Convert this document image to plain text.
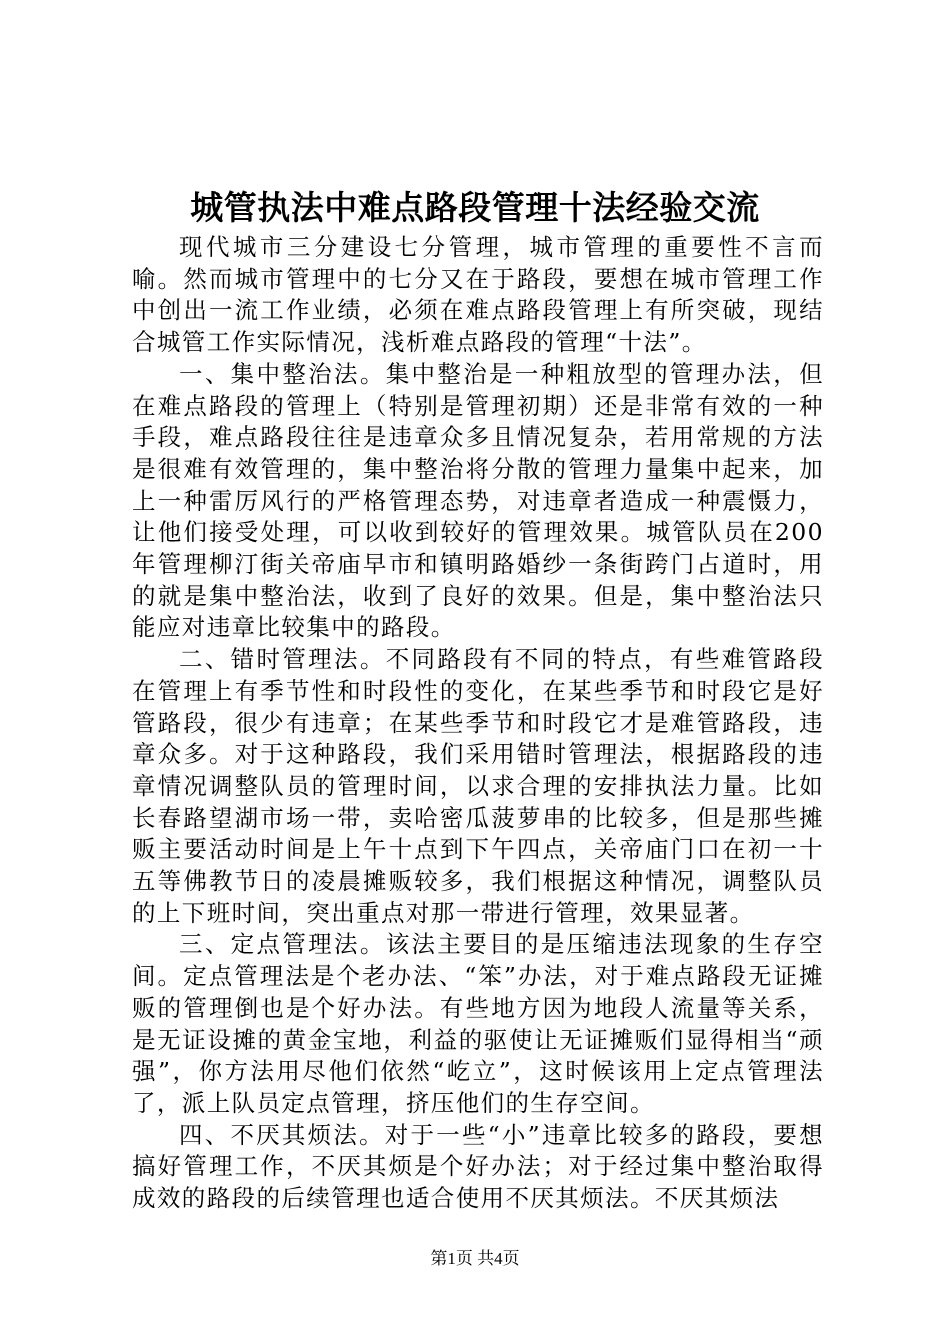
城管执法中难点路段管理十法经验交流

现代城市三分建设七分管理，城市管理的重要性不言而喻。然而城市管理中的七分又在于路段，要想在城市管理工作中创出一流工作业绩，必须在难点路段管理上有所突破，现结合城管工作实际情况，浅析难点路段的管理“十法”。

一、集中整治法。集中整治是一种粗放型的管理办法，但在难点路段的管理上（特别是管理初期）还是非常有效的一种手段，难点路段往往是违章众多且情况复杂，若用常规的方法是很难有效管理的，集中整治将分散的管理力量集中起来，加上一种雷厉风行的严格管理态势，对违章者造成一种震慑力，让他们接受处理，可以收到较好的管理效果。城管队员在200年管理柳汀街关帝庙早市和镇明路婚纱一条街跨门占道时，用的就是集中整治法，收到了良好的效果。但是，集中整治法只能应对违章比较集中的路段。

二、错时管理法。不同路段有不同的特点，有些难管路段在管理上有季节性和时段性的变化，在某些季节和时段它是好管路段，很少有违章；在某些季节和时段它才是难管路段，违章众多。对于这种路段，我们采用错时管理法，根据路段的违章情况调整队员的管理时间，以求合理的安排执法力量。比如长春路望湖市场一带，卖哈密瓜菠萝串的比较多，但是那些摊贩主要活动时间是上午十点到下午四点，关帝庙门口在初一十五等佛教节日的凌晨摊贩较多，我们根据这种情况，调整队员的上下班时间，突出重点对那一带进行管理，效果显著。

三、定点管理法。该法主要目的是压缩违法现象的生存空间。定点管理法是个老办法、“笨”办法，对于难点路段无证摊贩的管理倒也是个好办法。有些地方因为地段人流量等关系，是无证设摊的黄金宝地，利益的驱使让无证摊贩们显得相当“顽强”，你方法用尽他们依然“屹立”，这时候该用上定点管理法了，派上队员定点管理，挤压他们的生存空间。

四、不厌其烦法。对于一些“小”违章比较多的路段，要想搞好管理工作，不厌其烦是个好办法；对于经过集中整治取得成效的路段的后续管理也适合使用不厌其烦法。不厌其烦法

第1页 共4页
